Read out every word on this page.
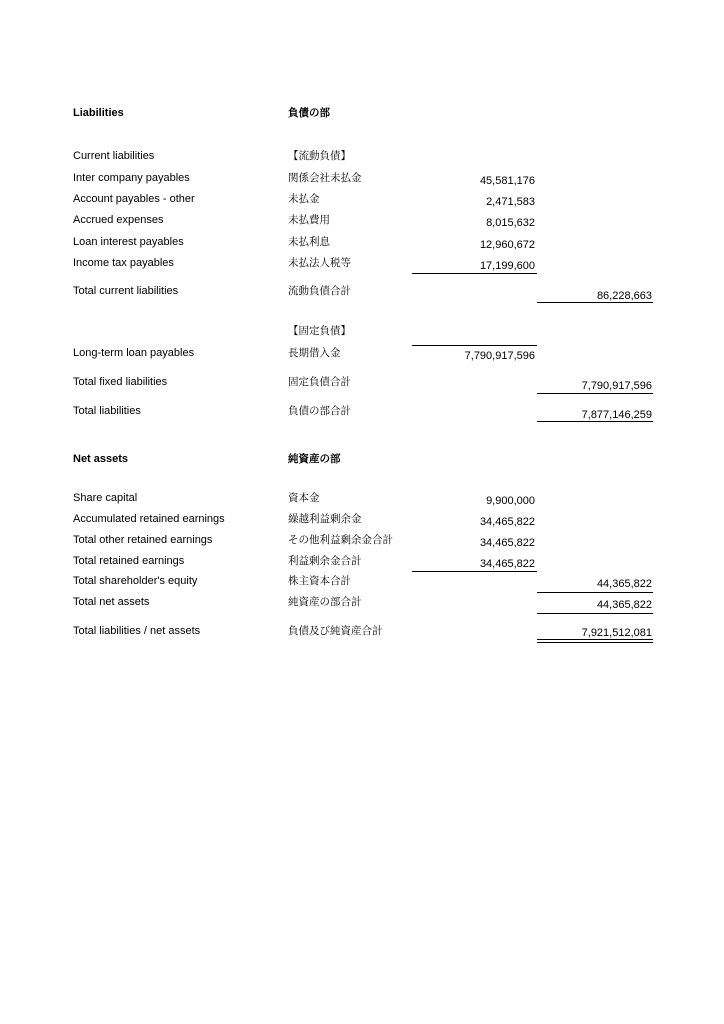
Liabilities	負債の部
Current liabilities	【流動負債】
Inter company payables	関係会社未払金	45,581,176
Account payables - other	未払金	2,471,583
Accrued expenses	未払費用	8,015,632
Loan interest payables	未払利息	12,960,672
Income tax payables	未払法人税等	17,199,600
Total current liabilities	流動負債合計	86,228,663
【固定負債】
Long-term loan payables	長期借入金	7,790,917,596
Total fixed liabilities	固定負債合計	7,790,917,596
Total liabilities	負債の部合計	7,877,146,259
Net assets	純資産の部
Share capital	資本金	9,900,000
Accumulated retained earnings	繰越利益剰余金	34,465,822
Total other retained earnings	その他利益剰余金合計	34,465,822
Total retained earnings	利益剰余金合計	34,465,822
Total shareholder's equity	株主資本合計	44,365,822
Total net assets	純資産の部合計	44,365,822
Total liabilities / net assets	負債及び純資産合計	7,921,512,081
